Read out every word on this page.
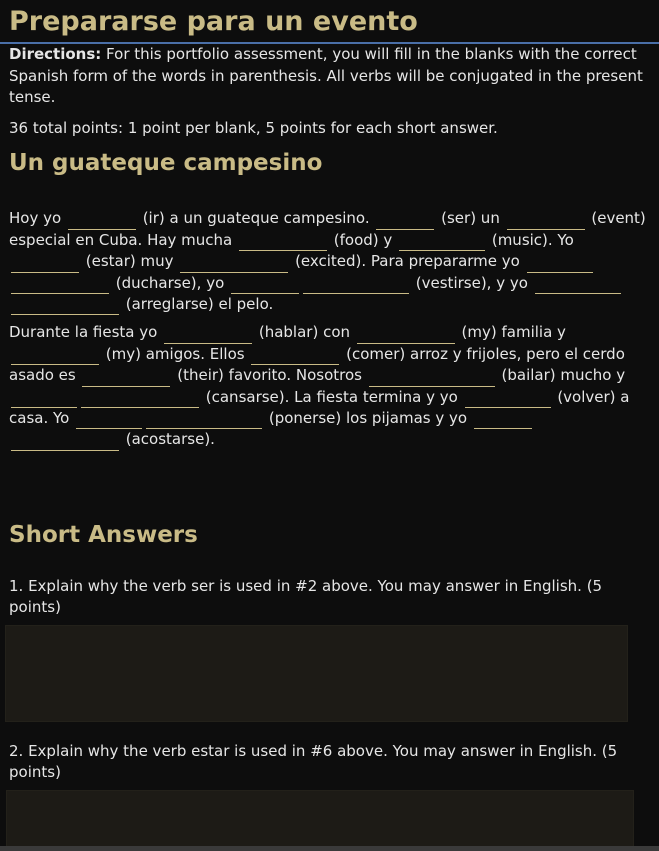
Prepararse para un evento
Directions: For this portfolio assessment, you will fill in the blanks with the correct Spanish form of the words in parenthesis. All verbs will be conjugated in the present tense.
36 total points: 1 point per blank, 5 points for each short answer.
Un guateque campesino
Hoy yo	(ir) a un guateque campesino.	(ser) un	(event)
especial en Cuba. Hay mucha	(food) y	(music). Yo
(estar) muy	(excited). Para prepararme yo
(ducharse), yo	(vestirse), y yo
(arreglarse) el pelo.
Durante la fiesta yo	(hablar) con	(my) familia y
(my) amigos. Ellos	(comer) arroz y frijoles, pero el cerdo
asado es	(their) favorito. Nosotros	(bailar) mucho y
(cansarse). La fiesta termina y yo	(volver) a
casa. Yo	(ponerse) los pijamas y yo
(acostarse).
Short Answers
1. Explain why the verb ser is used in #2 above. You may answer in English. (5 points)
2. Explain why the verb estar is used in #6 above. You may answer in English. (5 points)
